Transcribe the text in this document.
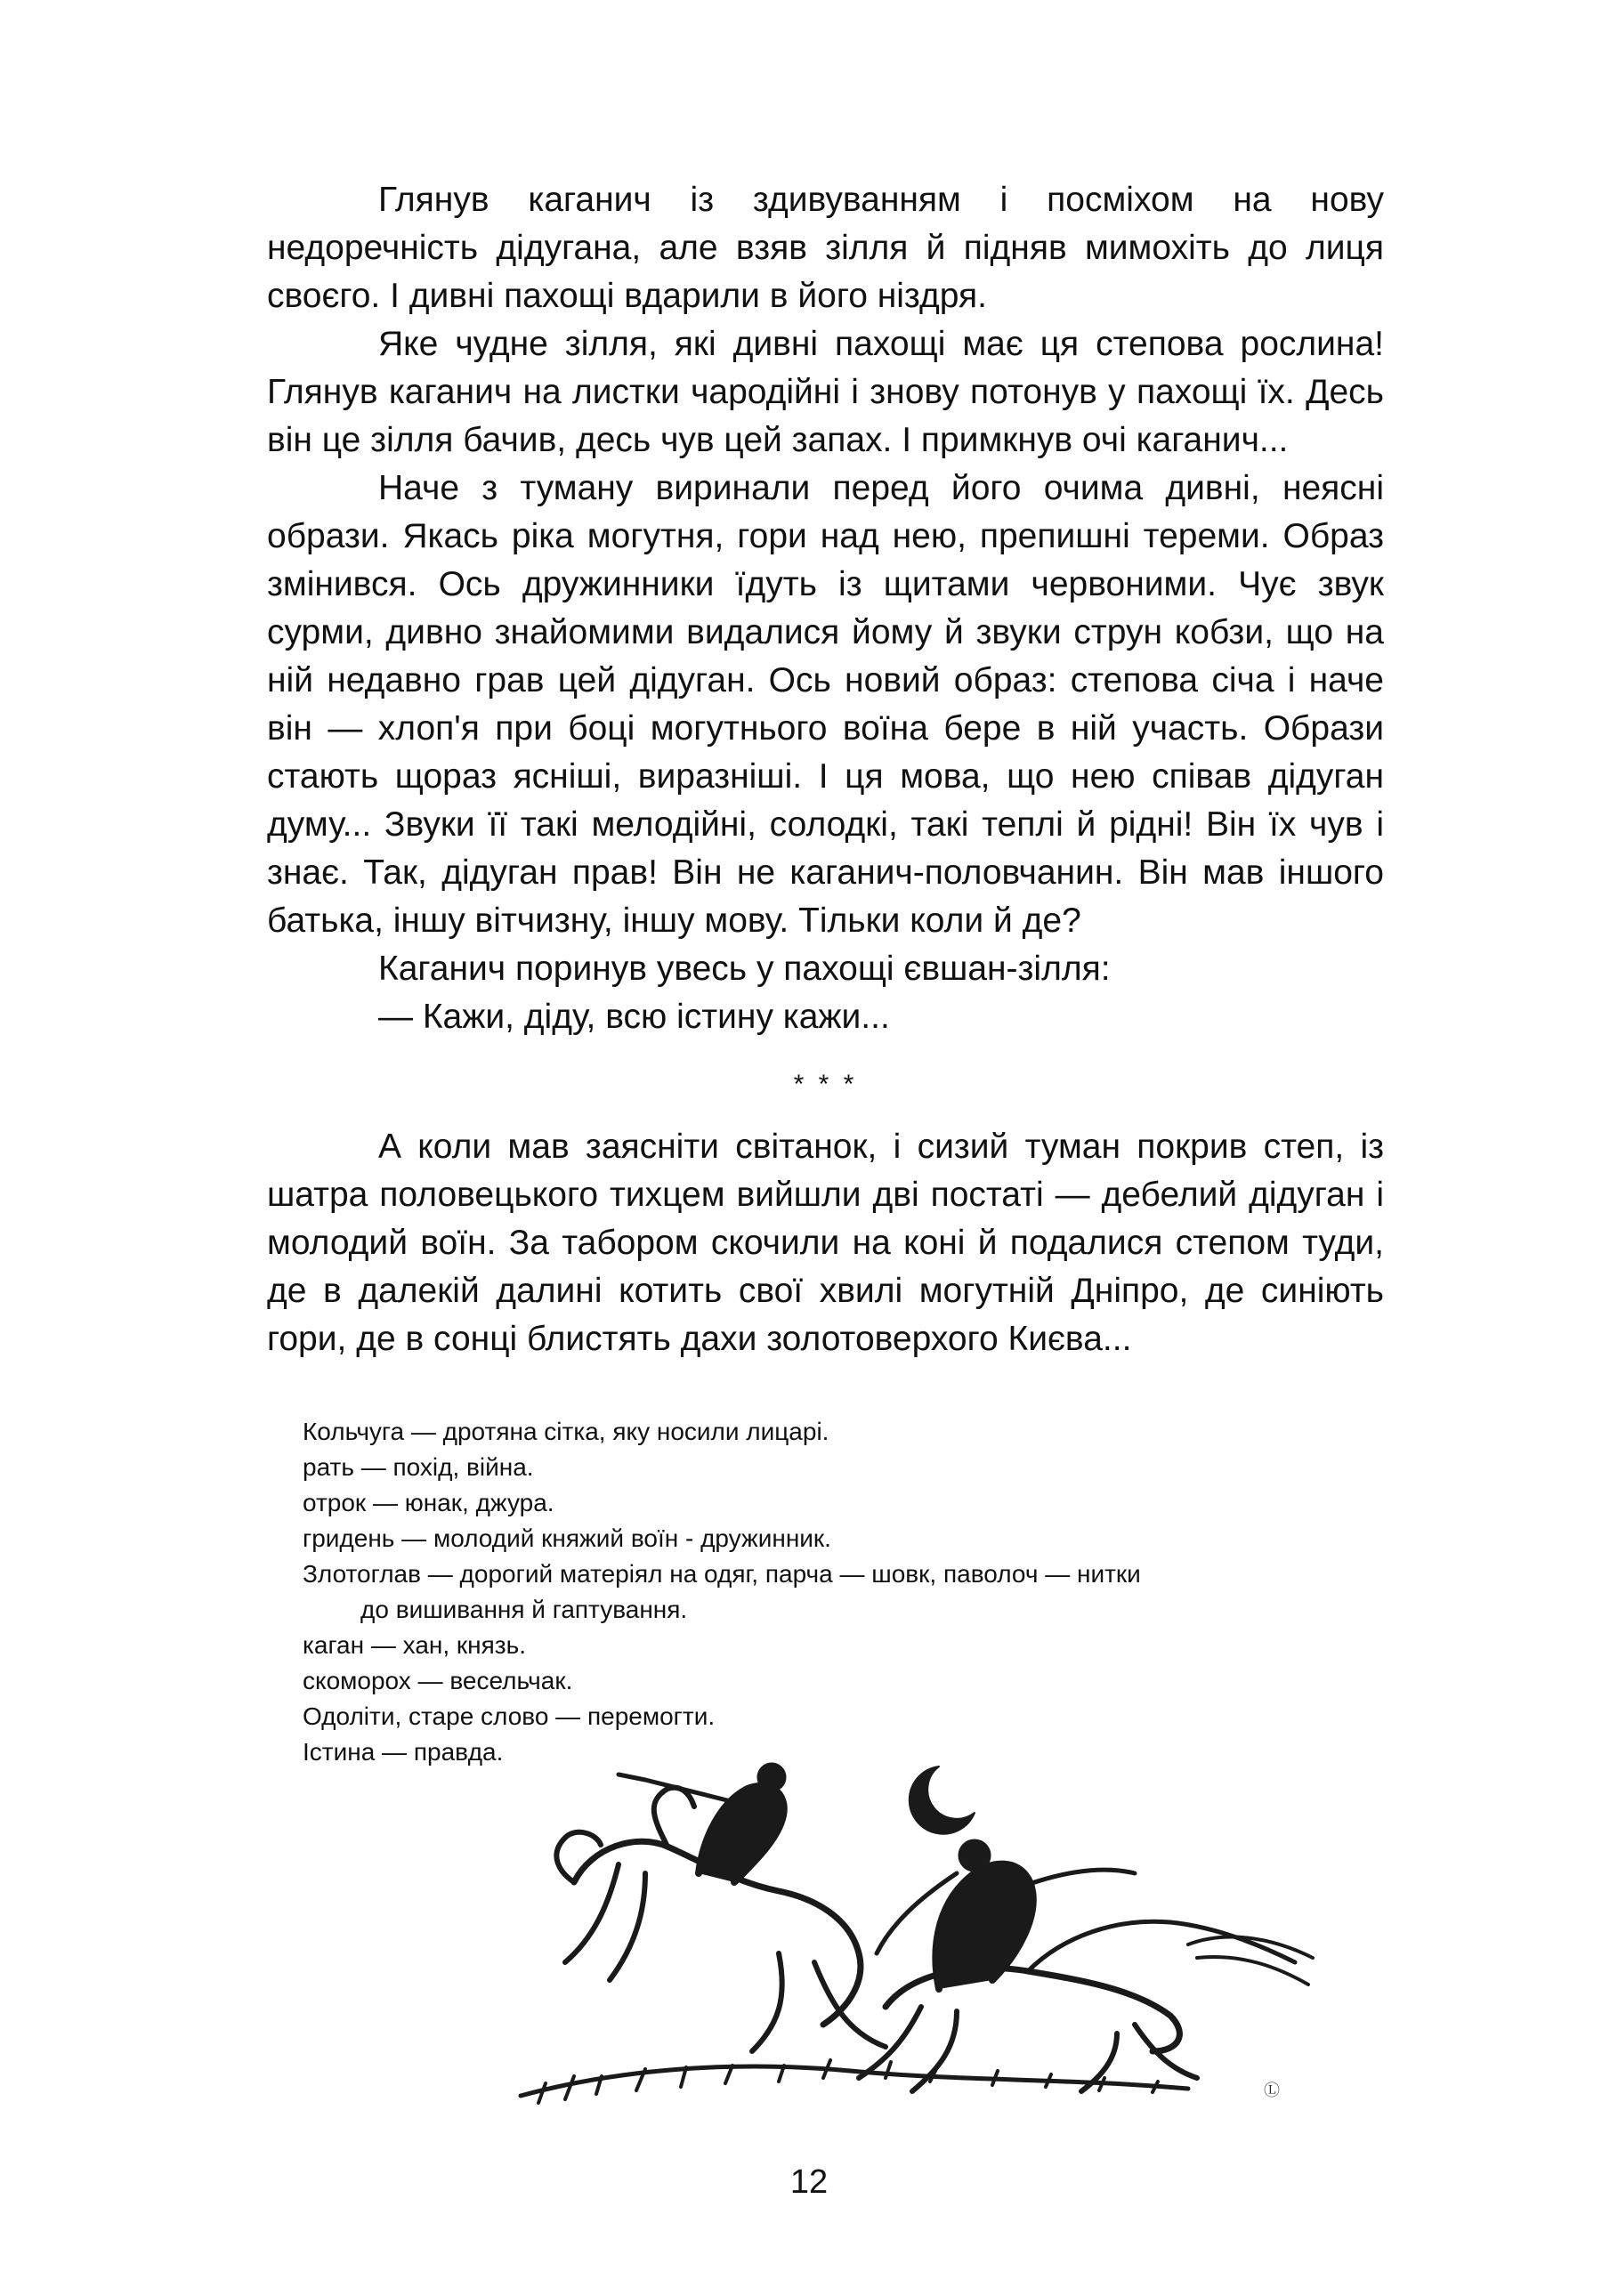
Глянув каганич із здивуванням і посміхом на нову недоречність дідугана, але взяв зілля й підняв мимохіть до лиця своєго. І дивні пахощі вдарили в його ніздря.

Яке чудне зілля, які дивні пахощі має ця степова рослина! Глянув каганич на листки чародійні і знову потонув у пахощі їх. Десь він це зілля бачив, десь чув цей запах. І примкнув очі каганич...

Наче з туману виринали перед його очима дивні, неясні образи. Якась ріка могутня, гори над нею, препишні тереми. Образ змінився. Ось дружинники їдуть із щитами червоними. Чує звук сурми, дивно знайомими видалися йому й звуки струн кобзи, що на ній недавно грав цей дідуган. Ось новий образ: степова січа і наче він — хлоп'я при боці могутнього воїна бере в ній участь. Образи стають щораз ясніші, виразніші. І ця мова, що нею співав дідуган думу... Звуки її такі мелодійні, солодкі, такі теплі й рідні! Він їх чув і знає. Так, дідуган прав! Він не каганич-половчанин. Він мав іншого батька, іншу вітчизну, іншу мову. Тільки коли й де?

Каганич поринув увесь у пахощі євшан-зілля:

— Кажи, діду, всю істину кажи...

* * *

А коли мав заясніти світанок, і сизий туман покрив степ, із шатра половецького тихцем вийшли дві постаті — дебелий дідуган і молодий воїн. За табором скочили на коні й подалися степом туди, де в далекій далині котить свої хвилі могутній Дніпро, де синіють гори, де в сонці блистять дахи золотоверхого Києва...

Кольчуга — дротяна сітка, яку носили лицарі.

рать — похід, війна.

отрок — юнак, джура.

гридень — молодий княжий воїн - дружинник.

Злотоглав — дорогий матеріял на одяг, парча — шовк, паволоч — нитки

до вишивання й гаптування.

каган — хан, князь.

скоморох — весельчак.

Одоліти, старе слово — перемогти.

Істина — правда.

Ⓛ
12
